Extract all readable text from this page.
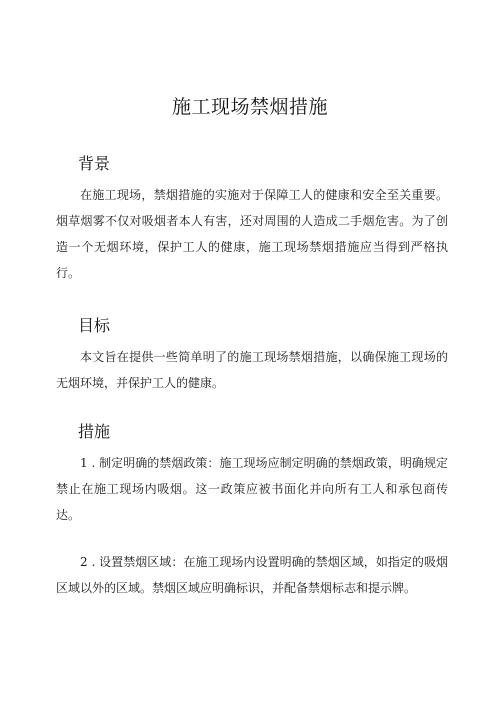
施工现场禁烟措施
背景

在施工现场，禁烟措施的实施对于保障工人的健康和安全至关重要。烟草烟雾不仅对吸烟者本人有害，还对周围的人造成二手烟危害。为了创造一个无烟环境，保护工人的健康，施工现场禁烟措施应当得到严格执行。

目标

本文旨在提供一些简单明了的施工现场禁烟措施，以确保施工现场的无烟环境，并保护工人的健康。

措施

1 . 制定明确的禁烟政策：施工现场应制定明确的禁烟政策，明确规定禁止在施工现场内吸烟。这一政策应被书面化并向所有工人和承包商传达。

2 . 设置禁烟区域：在施工现场内设置明确的禁烟区域，如指定的吸烟区域以外的区域。禁烟区域应明确标识，并配备禁烟标志和提示牌。
